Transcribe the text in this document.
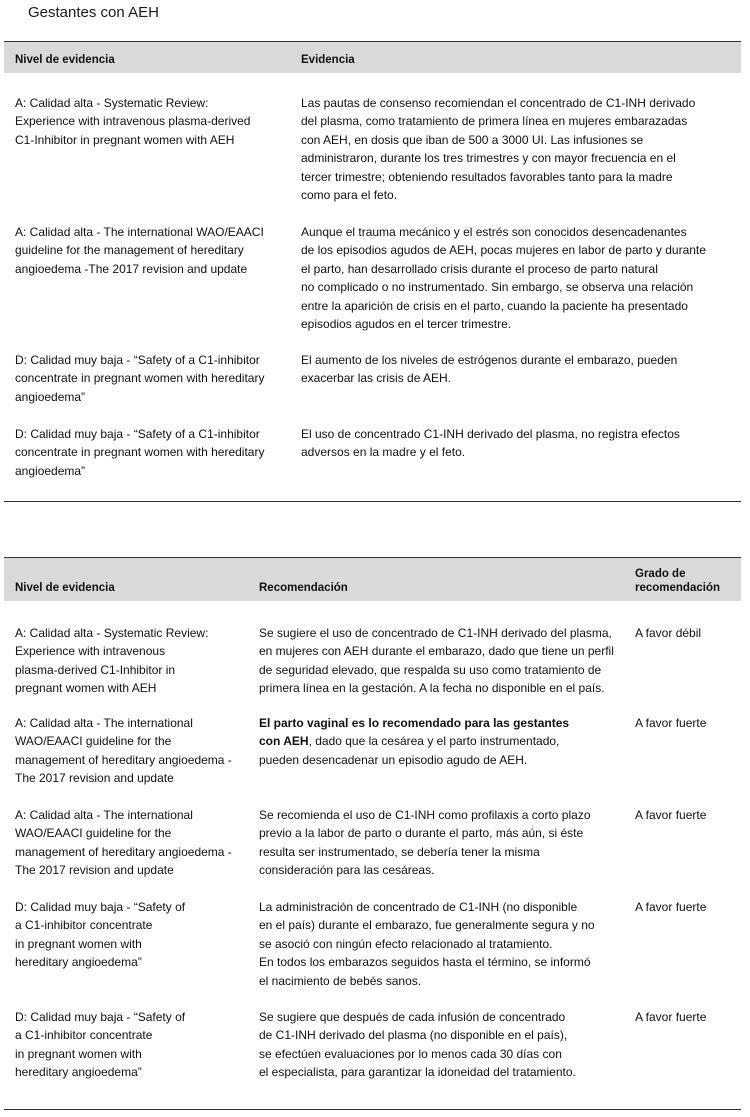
Gestantes con AEH
Nivel de evidencia	Evidencia
A: Calidad alta - Systematic Review:
Experience with intravenous plasma-derived
C1-Inhibitor in pregnant women with AEH
Las pautas de consenso recomiendan el concentrado de C1-INH derivado
del plasma, como tratamiento de primera línea en mujeres embarazadas
con AEH, en dosis que iban de 500 a 3000 UI. Las infusiones se
administraron, durante los tres trimestres y con mayor frecuencia en el
tercer trimestre; obteniendo resultados favorables tanto para la madre
como para el feto.
A: Calidad alta - The international WAO/EAACI
guideline for the management of hereditary
angioedema -The 2017 revision and update
Aunque el trauma mecánico y el estrés son conocidos desencadenantes
de los episodios agudos de AEH, pocas mujeres en labor de parto y durante
el parto, han desarrollado crisis durante el proceso de parto natural
no complicado o no instrumentado. Sin embargo, se observa una relación
entre la aparición de crisis en el parto, cuando la paciente ha presentado
episodios agudos en el tercer trimestre.
D: Calidad muy baja - “Safety of a C1-inhibitor
concentrate in pregnant women with hereditary
angioedema”
El aumento de los niveles de estrógenos durante el embarazo, pueden
exacerbar las crisis de AEH.
D: Calidad muy baja - “Safety of a C1-inhibitor
concentrate in pregnant women with hereditary
angioedema”
El uso de concentrado C1-INH derivado del plasma, no registra efectos
adversos en la madre y el feto.
Nivel de evidencia	Recomendación
Grado de
recomendación
A: Calidad alta - Systematic Review:
Experience with intravenous
plasma-derived C1-Inhibitor in
pregnant women with AEH
Se sugiere el uso de concentrado de C1-INH derivado del plasma,
en mujeres con AEH durante el embarazo, dado que tiene un perfil
de seguridad elevado, que respalda su uso como tratamiento de
primera línea en la gestación. A la fecha no disponible en el país.
A favor débil
A: Calidad alta - The international
WAO/EAACI guideline for the
management of hereditary angioedema -
The 2017 revision and update
El parto vaginal es lo recomendado para las gestantes
con AEH, dado que la cesárea y el parto instrumentado,
pueden desencadenar un episodio agudo de AEH.
A favor fuerte
A: Calidad alta - The international
WAO/EAACI guideline for the
management of hereditary angioedema -
The 2017 revision and update
Se recomienda el uso de C1-INH como profilaxis a corto plazo
previo a la labor de parto o durante el parto, más aún, si éste
resulta ser instrumentado, se debería tener la misma
consideración para las cesáreas.
A favor fuerte
D: Calidad muy baja - “Safety of
a C1-inhibitor concentrate
in pregnant women with
hereditary angioedema”
La administración de concentrado de C1-INH (no disponible
en el país) durante el embarazo, fue generalmente segura y no
se asoció con ningún efecto relacionado al tratamiento.
En todos los embarazos seguidos hasta el término, se informó
el nacimiento de bebés sanos.
A favor fuerte
D: Calidad muy baja - “Safety of
a C1-inhibitor concentrate
in pregnant women with
hereditary angioedema”
Se sugiere que después de cada infusión de concentrado
de C1-INH derivado del plasma (no disponible en el país),
se efectúen evaluaciones por lo menos cada 30 días con
el especialista, para garantizar la idoneidad del tratamiento.
A favor fuerte
